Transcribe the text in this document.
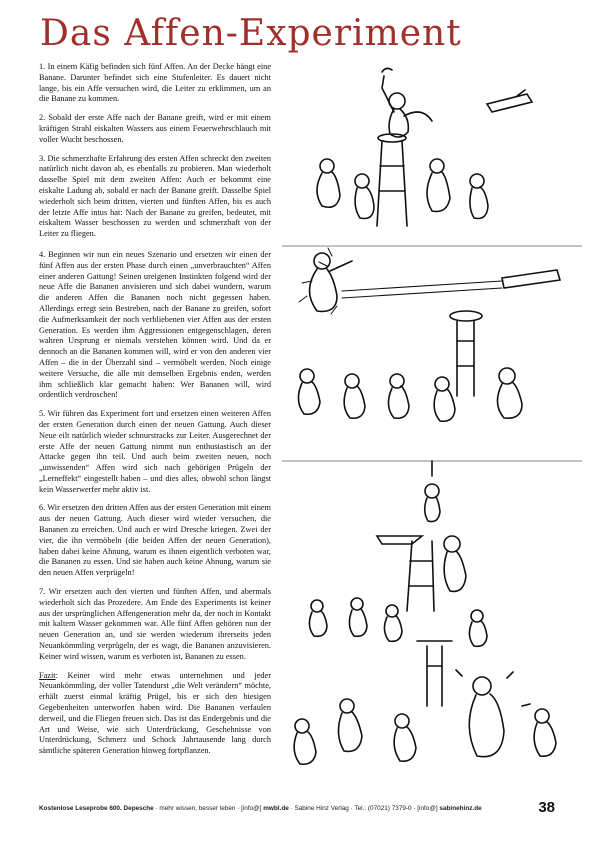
Das Affen-Experiment

1. In einem Käfig befinden sich fünf Affen. An der Decke hängt eine Banane. Darunter befindet sich eine Stufenleiter. Es dauert nicht lange, bis ein Affe versuchen wird, die Leiter zu erklimmen, um an die Banane zu kommen.

2. Sobald der erste Affe nach der Banane greift, wird er mit einem kräftigen Strahl eiskalten Wassers aus einem Feuerwehrschlauch mit voller Wucht beschossen.

3. Die schmerzhafte Erfahrung des ersten Affen schreckt den zweiten natürlich nicht davon ab, es ebenfalls zu probieren. Man wiederholt dasselbe Spiel mit dem zweiten Affen: Auch er bekommt eine eiskalte Ladung ab, sobald er nach der Banane greift. Dasselbe Spiel wiederholt sich beim dritten, vierten und fünften Affen, bis es auch der letzte Affe intus hat: Nach der Banane zu greifen, bedeutet, mit eiskaltem Wasser beschossen zu werden und schmerzhaft von der Leiter zu fliegen.

4. Beginnen wir nun ein neues Szenario und ersetzen wir einen der fünf Affen aus der ersten Phase durch einen „unverbrauchten“ Affen einer anderen Gattung! Seinen ureigenen Instinkten folgend wird der neue Affe die Bananen anvisieren und sich dabei wundern, warum die anderen Affen die Bananen noch nicht gegessen haben. Allerdings erregt sein Bestreben, nach der Banane zu greifen, sofort die Aufmerksamkeit der noch verbliebenen vier Affen aus der ersten Generation. Es werden ihm Aggressionen entgegenschlagen, deren wahren Ursprung er niemals verstehen können wird. Und da er dennoch an die Bananen kommen will, wird er von den anderen vier Affen – die in der Überzahl sind – vermöbelt werden. Noch einige weitere Versuche, die alle mit demselben Ergebnis enden, werden ihm schließlich klar gemacht haben: Wer Bananen will, wird ordentlich verdroschen!

5. Wir führen das Experiment fort und ersetzen einen weiteren Affen der ersten Generation durch einen der neuen Gattung. Auch dieser Neue eilt natürlich wieder schnurstracks zur Leiter. Ausgerechnet der erste Affe der neuen Gattung nimmt nun enthusiastisch an der Attacke gegen ihn teil. Und auch beim zweiten neuen, noch „unwissenden“ Affen wird sich nach gehörigen Prügeln der „Lerneffekt“ eingestellt haben – und dies alles, obwohl schon längst kein Wasserwerfer mehr aktiv ist.

6. Wir ersetzen den dritten Affen aus der ersten Generation mit einem aus der neuen Gattung. Auch dieser wird wieder versuchen, die Bananen zu erreichen. Und auch er wird Dresche kriegen. Zwei der vier, die ihn vermöbeln (die beiden Affen der neuen Generation), haben dabei keine Ahnung, warum es ihnen eigentlich verboten war, die Bananen zu essen. Und sie haben auch keine Ahnung, warum sie den neuen Affen verprügeln!

7. Wir ersetzen auch den vierten und fünften Affen, und abermals wiederholt sich das Prozedere. Am Ende des Experiments ist keiner aus der ursprünglichen Affengeneration mehr da, der noch in Kontakt mit kaltem Wasser gekommen war. Alle fünf Affen gehören nun der neuen Generation an, und sie werden wiederum ihrerseits jeden Neuankömmling verprügeln, der es wagt, die Bananen anzuvisieren. Keiner wird wissen, warum es verboten ist, Bananen zu essen.

Fazit: Keiner wird mehr etwas unternehmen und jeder Neuankömmling, der voller Tatendurst „die Welt verändern“ möchte, erhält zuerst einmal kräftig Prügel, bis er sich den hiesigen Gegebenheiten unterworfen haben wird. Die Bananen verfaulen derweil, und die Fliegen freuen sich. Das ist das Endergebnis und die Art und Weise, wie sich Unterdrückung, Geschehnisse von Unterdrückung, Schmerz und Schock Jahrtausende lang durch sämtliche späteren Generation hinweg fortpflanzen.

Kostenlose Leseprobe 600. Depesche · mehr wissen, besser leben · [info@] mwbl.de · Sabine Hinz Verlag · Tel.: (07021) 7379-0 · [info@] sabinehinz.de	38
